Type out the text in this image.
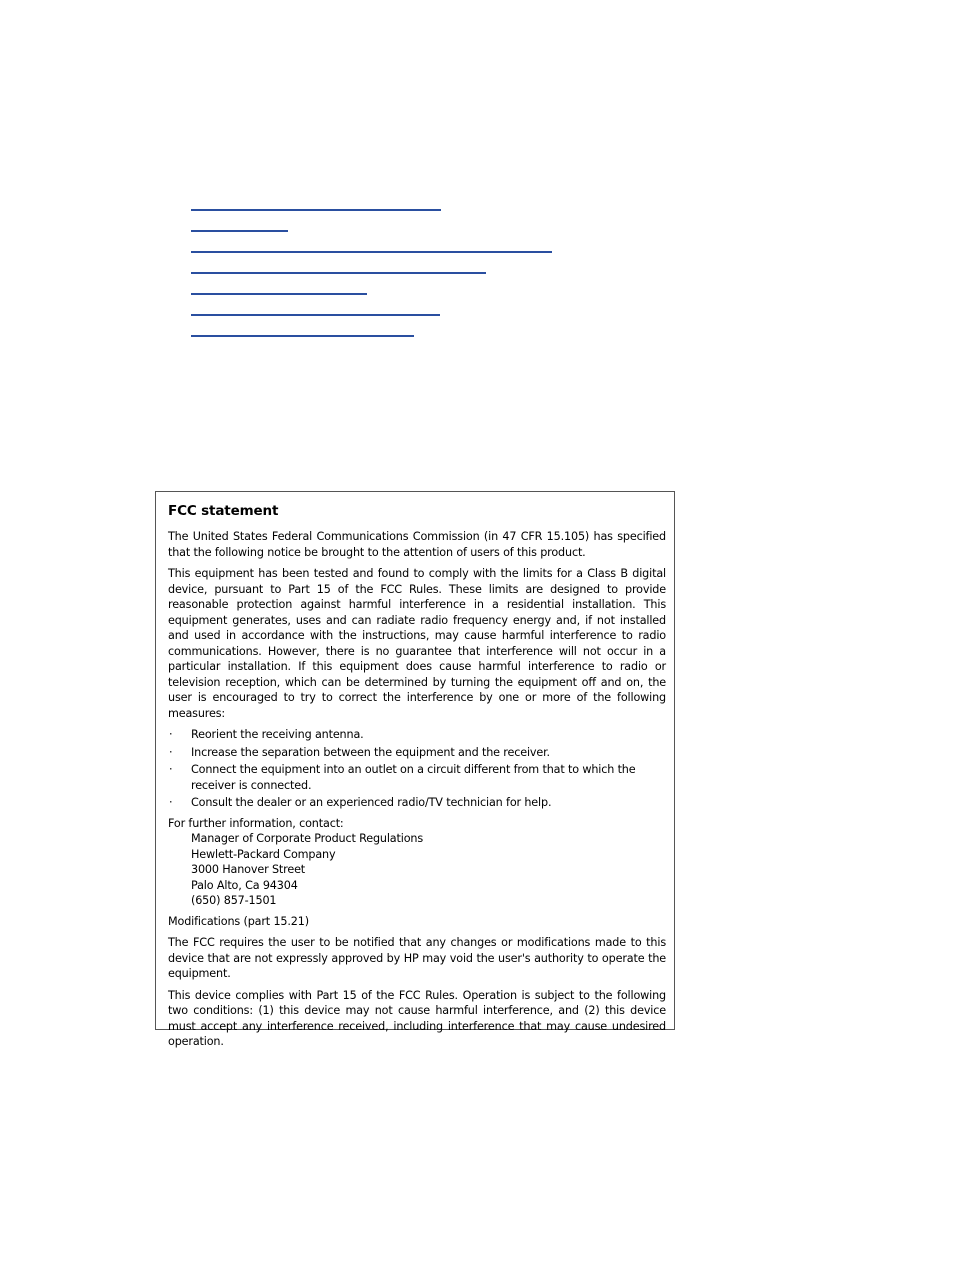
FCC statement

The United States Federal Communications Commission (in 47 CFR 15.105) has specified that the following notice be brought to the attention of users of this product.

This equipment has been tested and found to comply with the limits for a Class B digital device, pursuant to Part 15 of the FCC Rules. These limits are designed to provide reasonable protection against harmful interference in a residential installation. This equipment generates, uses and can radiate radio frequency energy and, if not installed and used in accordance with the instructions, may cause harmful interference to radio communications. However, there is no guarantee that interference will not occur in a particular installation. If this equipment does cause harmful interference to radio or television reception, which can be determined by turning the equipment off and on, the user is encouraged to try to correct the interference by one or more of the following measures:

· Reorient the receiving antenna.
· Increase the separation between the equipment and the receiver.
· Connect the equipment into an outlet on a circuit different from that to which the receiver is connected.
· Consult the dealer or an experienced radio/TV technician for help.
For further information, contact:
Manager of Corporate Product Regulations
Hewlett-Packard Company
3000 Hanover Street
Palo Alto, Ca 94304
(650) 857-1501
Modifications (part 15.21)

The FCC requires the user to be notified that any changes or modifications made to this device that are not expressly approved by HP may void the user's authority to operate the equipment.

This device complies with Part 15 of the FCC Rules. Operation is subject to the following two conditions: (1) this device may not cause harmful interference, and (2) this device must accept any interference received, including interference that may cause undesired operation.
